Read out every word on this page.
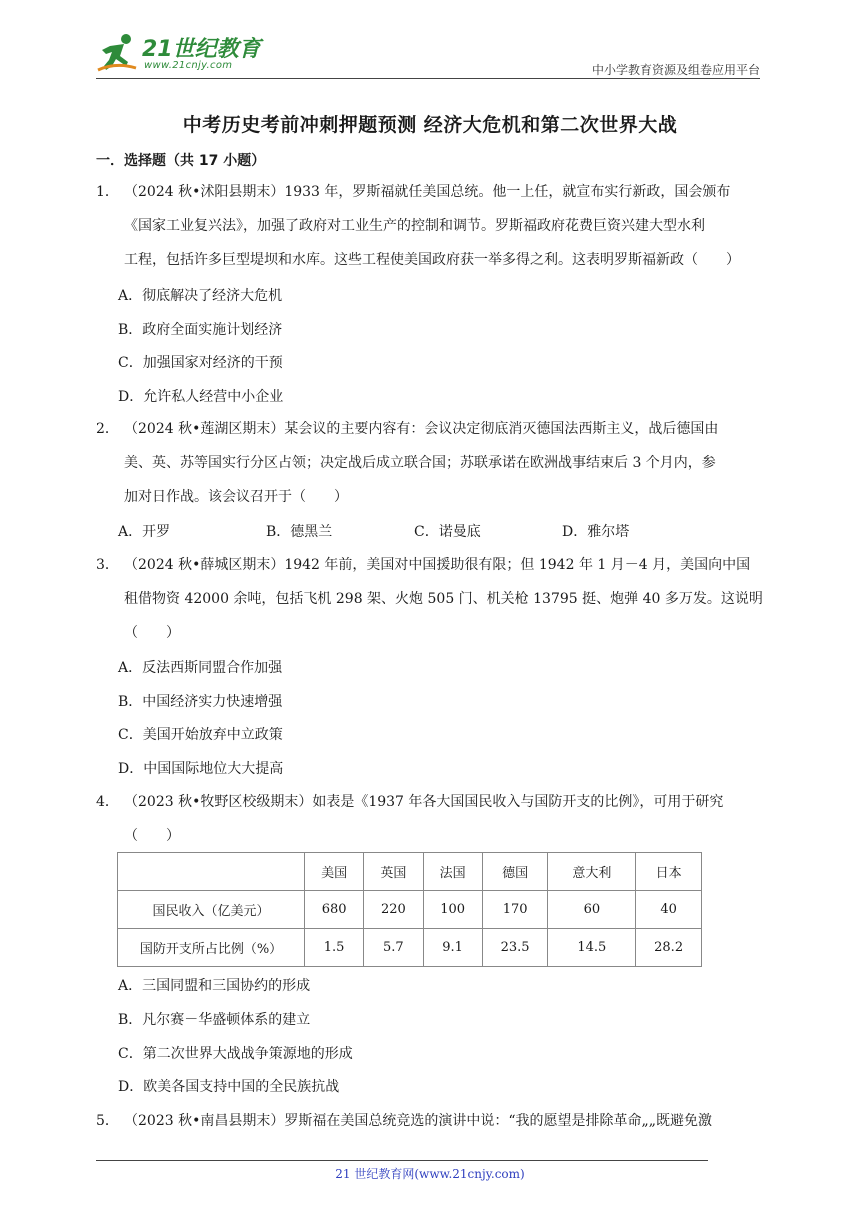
21世纪教育
www.21cnjy.com	中小学教育资源及组卷应用平台
中考历史考前冲刺押题预测 经济大危机和第二次世界大战
一．选择题（共 17 小题）
1． （2024 秋•沭阳县期末）1933 年，罗斯福就任美国总统。他一上任，就宣布实行新政，国会颁布
《国家工业复兴法》，加强了政府对工业生产的控制和调节。罗斯福政府花费巨资兴建大型水利
工程，包括许多巨型堤坝和水库。这些工程使美国政府获一举多得之利。这表明罗斯福新政（　　）
A．彻底解决了经济大危机
B．政府全面实施计划经济
C．加强国家对经济的干预
D．允许私人经营中小企业
2． （2024 秋•莲湖区期末）某会议的主要内容有：会议决定彻底消灭德国法西斯主义，战后德国由
美、英、苏等国实行分区占领；决定战后成立联合国；苏联承诺在欧洲战事结束后 3 个月内，参
加对日作战。该会议召开于（　　）
A．开罗	B．德黑兰	C．诺曼底	D．雅尔塔
3． （2024 秋•薛城区期末）1942 年前，美国对中国援助很有限；但 1942 年 1 月－4 月，美国向中国
租借物资 42000 余吨，包括飞机 298 架、火炮 505 门、机关枪 13795 挺、炮弹 40 多万发。这说明
（　　）
A．反法西斯同盟合作加强
B．中国经济实力快速增强
C．美国开始放弃中立政策
D．中国国际地位大大提高
4． （2023 秋•牧野区校级期末）如表是《1937 年各大国国民收入与国防开支的比例》，可用于研究
（　　）
	美国	英国	法国	德国	意大利	日本
国民收入（亿美元）	680	220	100	170	60	40
国防开支所占比例（%）	1.5	5.7	9.1	23.5	14.5	28.2
A．三国同盟和三国协约的形成
B．凡尔赛－华盛顿体系的建立
C．第二次世界大战战争策源地的形成
D．欧美各国支持中国的全民族抗战
5． （2023 秋•南昌县期末）罗斯福在美国总统竞选的演讲中说：“我的愿望是排除革命„„既避免激
21 世纪教育网(www.21cnjy.com)
